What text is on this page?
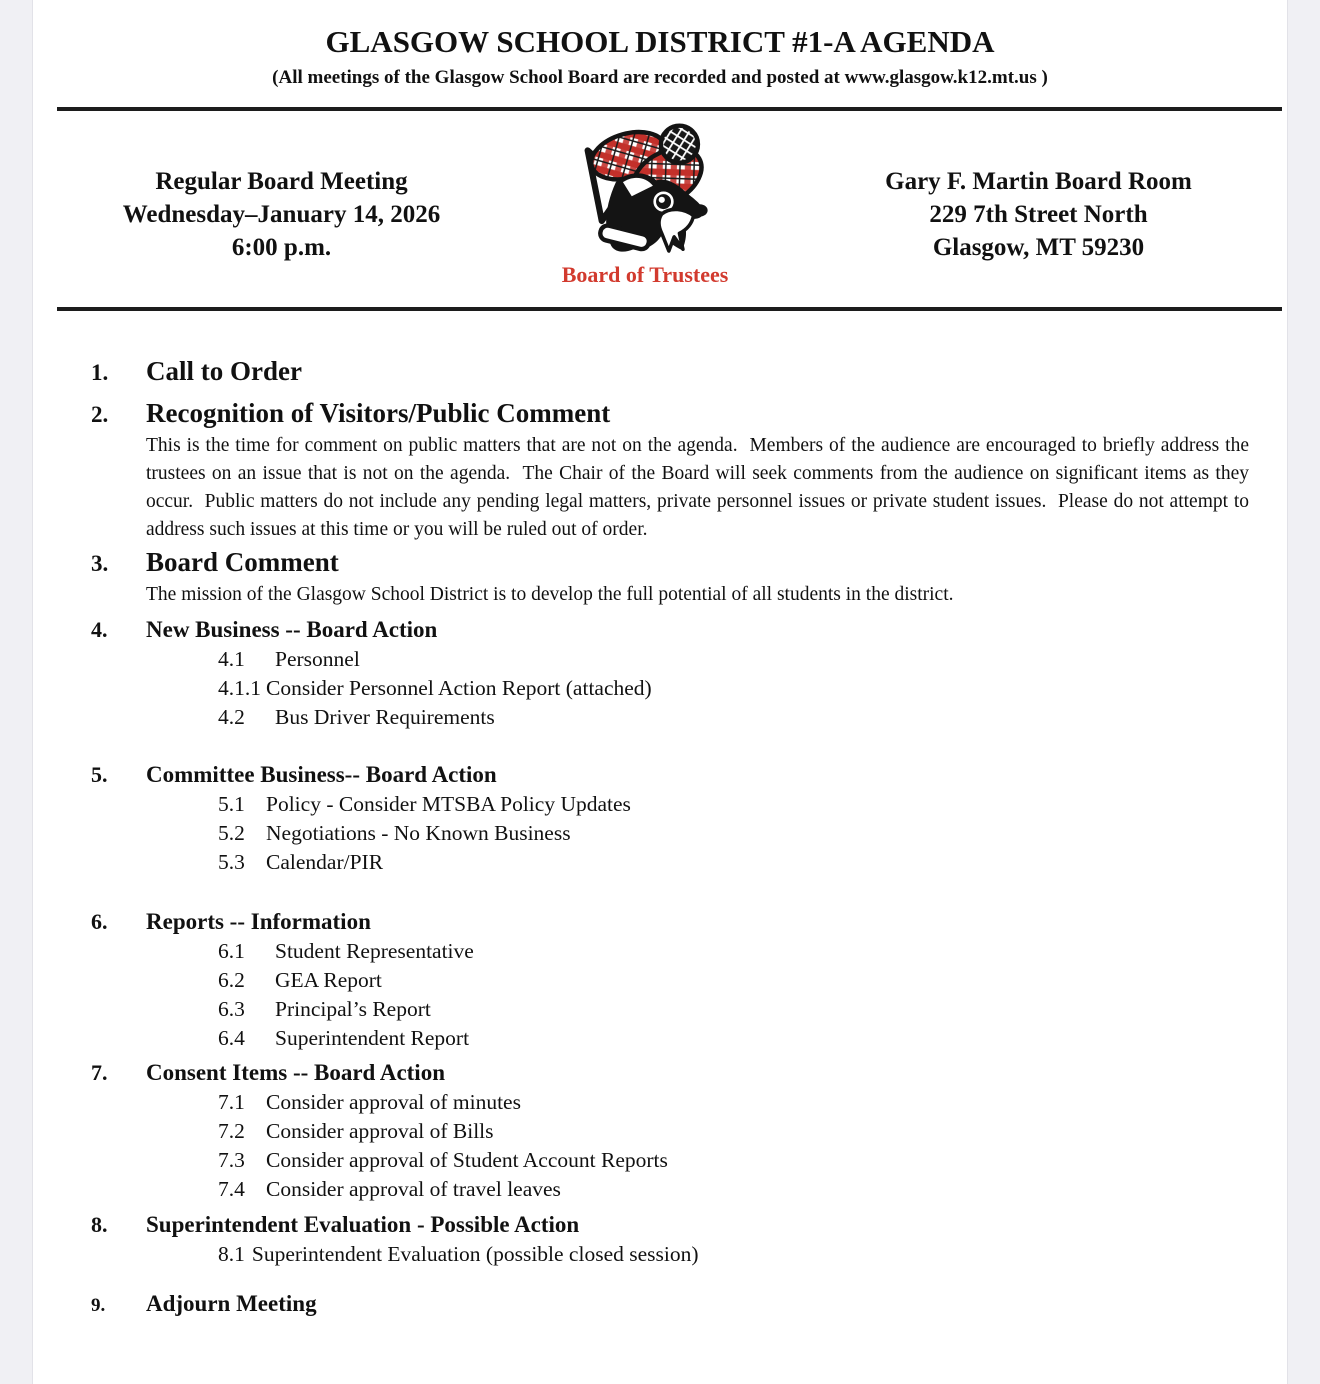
GLASGOW SCHOOL DISTRICT #1-A AGENDA
(All meetings of the Glasgow School Board are recorded and posted at www.glasgow.k12.mt.us )
Regular Board Meeting
Wednesday–January 14, 2026
6:00 p.m.
Board of Trustees
Gary F. Martin Board Room
229 7th Street North
Glasgow, MT 59230
1.	Call to Order
2.	Recognition of Visitors/Public Comment
This is the time for comment on public matters that are not on the agenda.  Members of the audience are encouraged to briefly address the trustees on an issue that is not on the agenda.  The Chair of the Board will seek comments from the audience on significant items as they occur.  Public matters do not include any pending legal matters, private personnel issues or private student issues.  Please do not attempt to address such issues at this time or you will be ruled out of order.
3.	Board Comment
The mission of the Glasgow School District is to develop the full potential of all students in the district.
4.	New Business -- Board Action
4.1	Personnel
4.1.1 Consider Personnel Action Report (attached)
4.2	Bus Driver Requirements
5.	Committee Business-- Board Action
5.1 Policy - Consider MTSBA Policy Updates
5.2 Negotiations - No Known Business
5.3 Calendar/PIR
6.	Reports -- Information
6.1	Student Representative
6.2	GEA Report
6.3	Principal’s Report
6.4	Superintendent Report
7.	Consent Items -- Board Action
7.1 Consider approval of minutes
7.2 Consider approval of Bills
7.3 Consider approval of Student Account Reports
7.4 Consider approval of travel leaves
8.	Superintendent Evaluation - Possible Action
8.1 Superintendent Evaluation (possible closed session)
9.	Adjourn Meeting
